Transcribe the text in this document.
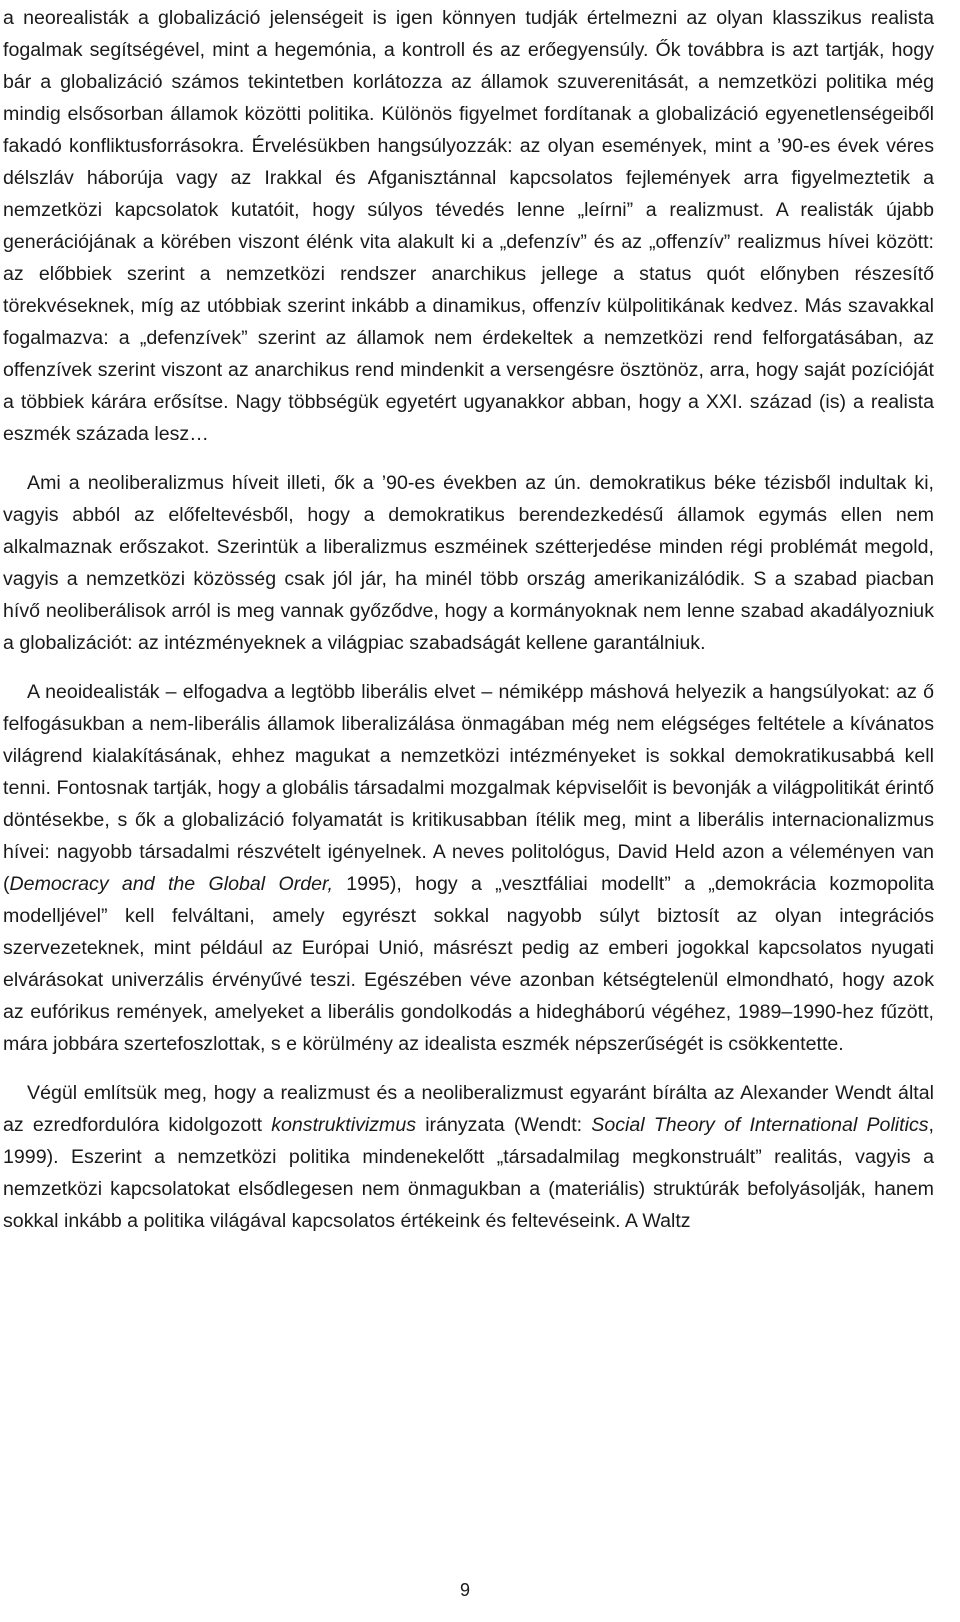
a neorealisták a globalizáció jelenségeit is igen könnyen tudják értelmezni az olyan klasszikus realista fogalmak segítségével, mint a hegemónia, a kontroll és az erőegyensúly. Ők továbbra is azt tartják, hogy bár a globalizáció számos tekintetben korlátozza az államok szuverenitását, a nemzetközi politika még mindig elsősorban államok közötti politika. Különös figyelmet fordítanak a globalizáció egyenetlenségeiből fakadó konfliktusforrásokra. Érvelésükben hangsúlyozzák: az olyan események, mint a ’90-es évek véres délszláv háborúja vagy az Irakkal és Afganisztánnal kapcsolatos fejlemények arra figyelmeztetik a nemzetközi kapcsolatok kutatóit, hogy súlyos tévedés lenne „leírni” a realizmust. A realisták újabb generációjának a körében viszont élénk vita alakult ki a „defenzív” és az „offenzív” realizmus hívei között: az előbbiek szerint a nemzetközi rendszer anarchikus jellege a status quót előnyben részesítő törekvéseknek, míg az utóbbiak szerint inkább a dinamikus, offenzív külpolitikának kedvez. Más szavakkal fogalmazva: a „defenzívek” szerint az államok nem érdekeltek a nemzetközi rend felforgatásában, az offenzívek szerint viszont az anarchikus rend mindenkit a versengésre ösztönöz, arra, hogy saját pozícióját a többiek kárára erősítse. Nagy többségük egyetért ugyanakkor abban, hogy a XXI. század (is) a realista eszmék százada lesz…

Ami a neoliberalizmus híveit illeti, ők a ’90-es években az ún. demokratikus béke tézisből indultak ki, vagyis abból az előfeltevésből, hogy a demokratikus berendezkedésű államok egymás ellen nem alkalmaznak erőszakot. Szerintük a liberalizmus eszméinek szétterjedése minden régi problémát megold, vagyis a nemzetközi közösség csak jól jár, ha minél több ország amerikanizálódik. S a szabad piacban hívő neoliberálisok arról is meg vannak győződve, hogy a kormányoknak nem lenne szabad akadályozniuk a globalizációt: az intézményeknek a világpiac szabadságát kellene garantálniuk.

A neoidealisták – elfogadva a legtöbb liberális elvet – némiképp máshová helyezik a hangsúlyokat: az ő felfogásukban a nem-liberális államok liberalizálása önmagában még nem elégséges feltétele a kívánatos világrend kialakításának, ehhez magukat a nemzetközi intézményeket is sokkal demokratikusabbá kell tenni. Fontosnak tartják, hogy a globális társadalmi mozgalmak képviselőit is bevonják a világpolitikát érintő döntésekbe, s ők a globalizáció folyamatát is kritikusabban ítélik meg, mint a liberális internacionalizmus hívei: nagyobb társadalmi részvételt igényelnek. A neves politológus, David Held azon a véleményen van (Democracy and the Global Order, 1995), hogy a „vesztfáliai modellt” a „demokrácia kozmopolita modelljével” kell felváltani, amely egyrészt sokkal nagyobb súlyt biztosít az olyan integrációs szervezeteknek, mint például az Európai Unió, másrészt pedig az emberi jogokkal kapcsolatos nyugati elvárásokat univerzális érvényűvé teszi. Egészében véve azonban kétségtelenül elmondható, hogy azok az eufórikus remények, amelyeket a liberális gondolkodás a hidegháború végéhez, 1989–1990-hez fűzött, mára jobbára szertefoszlottak, s e körülmény az idealista eszmék népszerűségét is csökkentette.

Végül említsük meg, hogy a realizmust és a neoliberalizmust egyaránt bírálta az Alexander Wendt által az ezredfordulóra kidolgozott konstruktivizmus irányzata (Wendt: Social Theory of International Politics, 1999). Eszerint a nemzetközi politika mindenekelőtt „társadalmilag megkonstruált” realitás, vagyis a nemzetközi kapcsolatokat elsődlegesen nem önmagukban a (materiális) struktúrák befolyásolják, hanem sokkal inkább a politika világával kapcsolatos értékeink és feltevéseink. A Waltz

9
